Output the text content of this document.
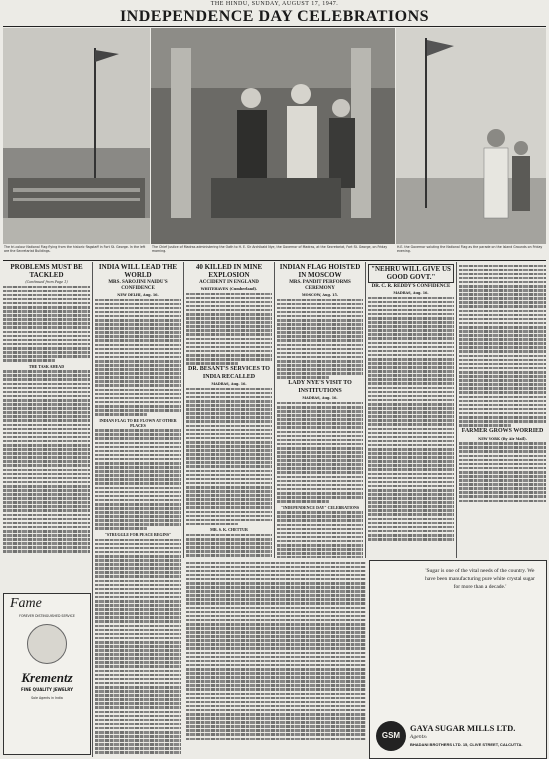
THE HINDU, SUNDAY, AUGUST 17, 1947.
INDEPENDENCE DAY CELEBRATIONS
The tri-colour National Flag flying from the historic flagstaff in Fort St. George. In the left are the Secretariat Buildings.
The Chief Justice of Madras administering the Oath to H. E. Sir Archibald Nye, the Governor of Madras, at the Secretariat, Fort St. George, on Friday morning.
H.E. the Governor saluting the National Flag as the parade on the Island Grounds on Friday evening.
PROBLEMS MUST BE TACKLED
(Continued from Page 1)
THE TASK AHEAD
INDIA WILL LEAD THE WORLD
MRS. SAROJINI NAIDU'S CONFIDENCE
NEW DELHI, Aug. 16.
INDIAN FLAG TO BE FLOWN AT OTHER PLACES
"STRUGGLE FOR PEACE BEGINS"
40 KILLED IN MINE EXPLOSION
ACCIDENT IN ENGLAND
WHITEHAVEN (Cumberland).
DR. BESANT'S SERVICES TO INDIA RECALLED
MADRAS, Aug. 16.
MR. S. K. CHETTUR
INDIAN FLAG HOISTED IN MOSCOW
MRS. PANDIT PERFORMS CEREMONY
MOSCOW, Aug. 15.
LADY NYE'S VISIT TO INSTITUTIONS
MADRAS, Aug. 16.
"INDEPENDENCE DAY" CELEBRATIONS
"NEHRU WILL GIVE US GOOD GOVT."
DR. C. R. REDDY'S CONFIDENCE
MADRAS, Aug. 16.
FARMER GROWS WORRIED
NEW YORK (By Air Mail).
Fame
FOREVER DISTINGUISHED SERVICE
Krementz
FINE QUALITY JEWELRY
Sole Agents in India
'Sugar is one of the vital needs of the country. We have been manufacturing pure white crystal sugar for more than a decade.'
GSM
GAYA SUGAR MILLS LTD.
Agents:
BHADANI BROTHERS LTD. 15, CLIVE STREET, CALCUTTA.
